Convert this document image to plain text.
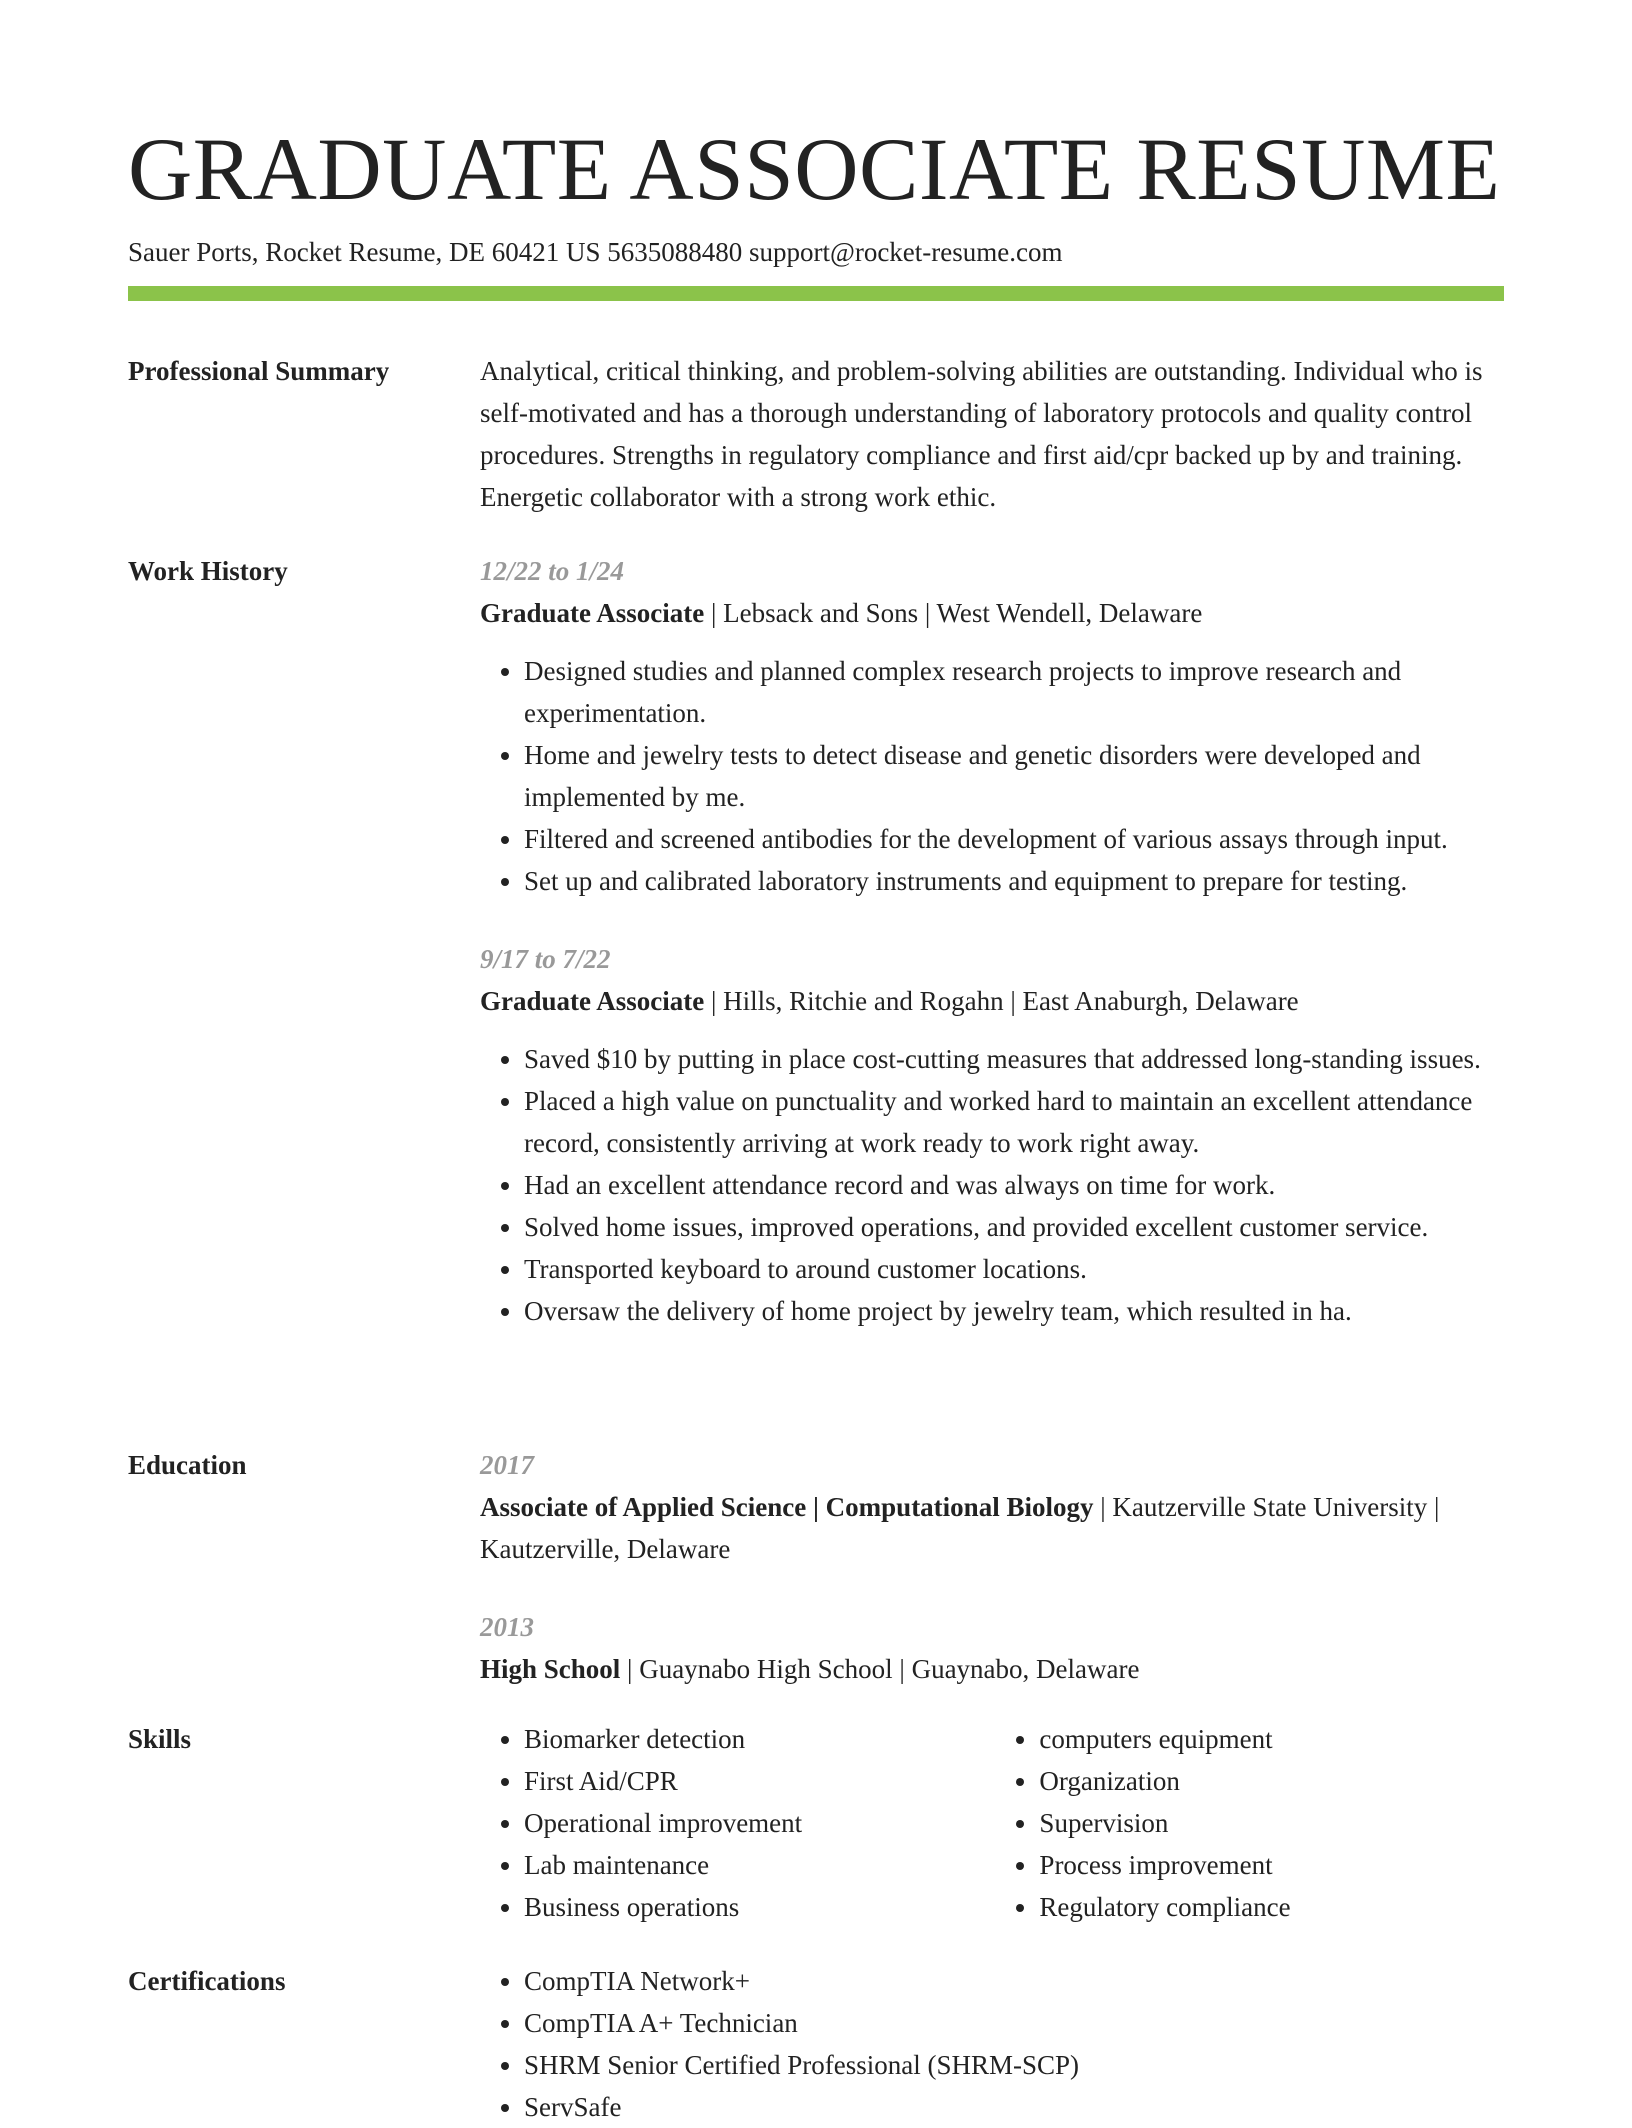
GRADUATE ASSOCIATE RESUME
Sauer Ports, Rocket Resume, DE 60421 US 5635088480 support@rocket-resume.com
Professional Summary	Analytical, critical thinking, and problem-solving abilities are outstanding. Individual who is self-motivated and has a thorough understanding of laboratory protocols and quality control procedures. Strengths in regulatory compliance and first aid/cpr backed up by and training. Energetic collaborator with a strong work ethic.

Work History	12/22 to 1/24

Graduate Associate | Lebsack and Sons | West Wendell, Delaware

• Designed studies and planned complex research projects to improve research and experimentation.
• Home and jewelry tests to detect disease and genetic disorders were developed and implemented by me.
• Filtered and screened antibodies for the development of various assays through input.
• Set up and calibrated laboratory instruments and equipment to prepare for testing.

9/17 to 7/22

Graduate Associate | Hills, Ritchie and Rogahn | East Anaburgh, Delaware

• Saved $10 by putting in place cost-cutting measures that addressed long-standing issues.
• Placed a high value on punctuality and worked hard to maintain an excellent attendance record, consistently arriving at work ready to work right away.
• Had an excellent attendance record and was always on time for work.
• Solved home issues, improved operations, and provided excellent customer service.
• Transported keyboard to around customer locations.
• Oversaw the delivery of home project by jewelry team, which resulted in ha.
Education	2017

Associate of Applied Science | Computational Biology | Kautzerville State University | Kautzerville, Delaware

2013

High School | Guaynabo High School | Guaynabo, Delaware

Skills	• Biomarker detection
• First Aid/CPR
• Operational improvement
• Lab maintenance
• Business operations
• computers equipment
• Organization
• Supervision
• Process improvement
• Regulatory compliance
Certifications	• CompTIA Network+
• CompTIA A+ Technician
• SHRM Senior Certified Professional (SHRM-SCP)
• ServSafe
